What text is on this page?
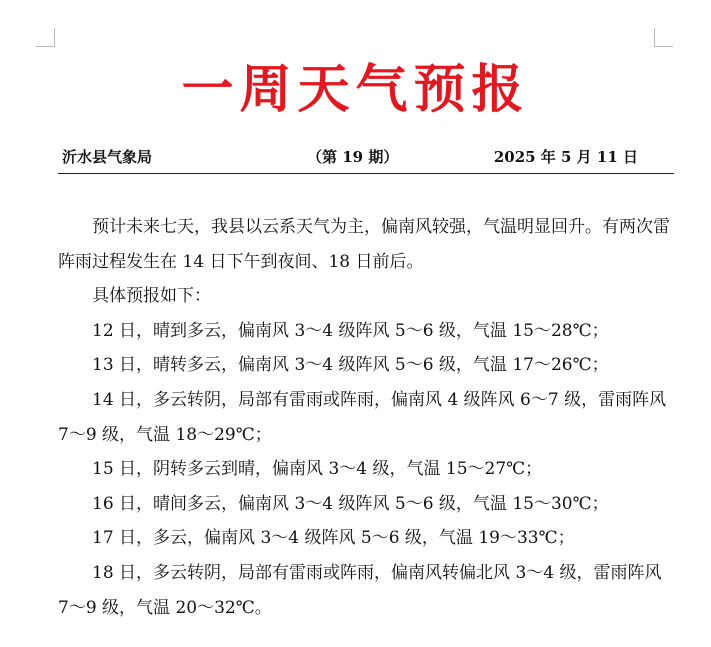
一周天气预报
沂水县气象局	（第 19 期）	2025 年 5 月 11 日

预计未来七天，我县以云系天气为主，偏南风较强，气温明显回升。有两次雷阵雨过程发生在 14 日下午到夜间、18 日前后。

具体预报如下：

12 日，晴到多云，偏南风 3～4 级阵风 5～6 级，气温 15～28℃；

13 日，晴转多云，偏南风 3～4 级阵风 5～6 级，气温 17～26℃；

14 日，多云转阴，局部有雷雨或阵雨，偏南风 4 级阵风 6～7 级，雷雨阵风 7～9 级，气温 18～29℃；

15 日，阴转多云到晴，偏南风 3～4 级，气温 15～27℃；

16 日，晴间多云，偏南风 3～4 级阵风 5～6 级，气温 15～30℃；

17 日，多云，偏南风 3～4 级阵风 5～6 级，气温 19～33℃；

18 日，多云转阴，局部有雷雨或阵雨，偏南风转偏北风 3～4 级，雷雨阵风 7～9 级，气温 20～32℃。
